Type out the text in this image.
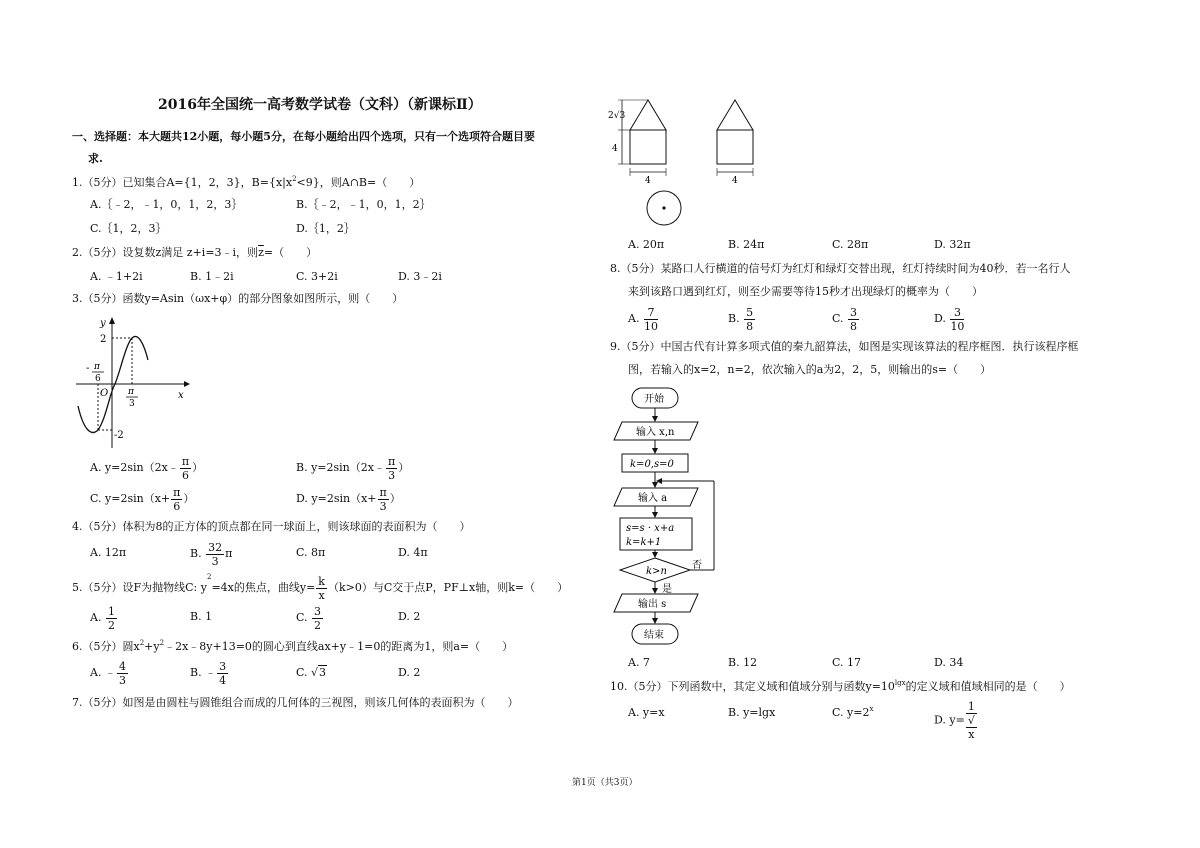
2016年全国统一高考数学试卷（文科）（新课标Ⅱ）
一、选择题：本大题共12小题，每小题5分，在每小题给出四个选项，只有一个选项符合题目要
求.
1.（5分）已知集合A={1，2，3}，$B=\{x|x^2<9\}$，则A∩B=（　　）
A.｛﹣2，﹣1，0，1，2，3｝	B.｛﹣2，﹣1，0，1，2｝
C.｛1，2，3｝	D.｛1，2｝
2.（5分）设复数z满足 z+i=3﹣i，则$\overline{z}=$（　　）
A. ﹣1+2i	B. 1﹣2i	C. 3+2i	D. 3﹣2i
3.（5分）函数y=Asin（ωx+φ）的部分图象如图所示，则（　　）
y
x
O
2
-2
- π
6
π
3
A. y=2sin（2x﹣ $\frac{\pi}{6}$ ）	B. y=2sin（2x﹣ $\frac{\pi}{3}$ ）
C. $y=2\sin(x+ \frac{\pi}{6}$ ）	D. $y=2\sin(x+ \frac{\pi}{3}$ ）
4.（5分）体积为8的正方体的顶点都在同一球面上，则该球面的表面积为（　　）
A. 12π	B. $\frac{32}{3}$ π	C. 8π	D. 4π
5.（5分）设F为抛物线C: $y^2=4x$的焦点，曲线$y= \frac{k}{x} (k>0)$与C交于点P，PF⊥x轴，则k=（　　）
A. $\frac{1}{2}$	B. 1	C. $\frac{3}{2}$	D. 2
6.（5分）圆$x^2+y^2﹣2x﹣8y+13=0$的圆心到直线ax+y﹣1=0的距离为1，则a=（　　）
A. ﹣ $\frac{4}{3}$	B. ﹣ $\frac{3}{4}$	C. √3	D. 2
7.（5分）如图是由圆柱与圆锥组合而成的几何体的三视图，则该几何体的表面积为（　　）
2√3
4
4	4
A. 20π	B. 24π	C. 28π	D. 32π
8.（5分）某路口人行横道的信号灯为红灯和绿灯交替出现，红灯持续时间为40秒．若一名行人
来到该路口遇到红灯，则至少需要等待15秒才出现绿灯的概率为（　　）
A. $\frac{7}{10}$	B. $\frac{5}{8}$	C. $\frac{3}{8}$	D. $\frac{3}{10}$
9.（5分）中国古代有计算多项式值的秦九韶算法，如图是实现该算法的程序框图．执行该程序框
图，若输入的x=2，n=2，依次输入的a为2，2，5，则输出的s=（　　）
开始
输入 x,n
k=0,s=0
输入 a
s=s · x+a
k=k+1
k>n
否
是
输出 s
结束
A. 7	B. 12	C. 17	D. 34
10.（5分）下列函数中，其定义域和值域分别与函数$y=10^{lgx}$的定义域和值域相同的是（　　）
A. y=x	B. y=lgx	C. $y=2^x$
D. y= 1
√
x
第1页（共3页）
